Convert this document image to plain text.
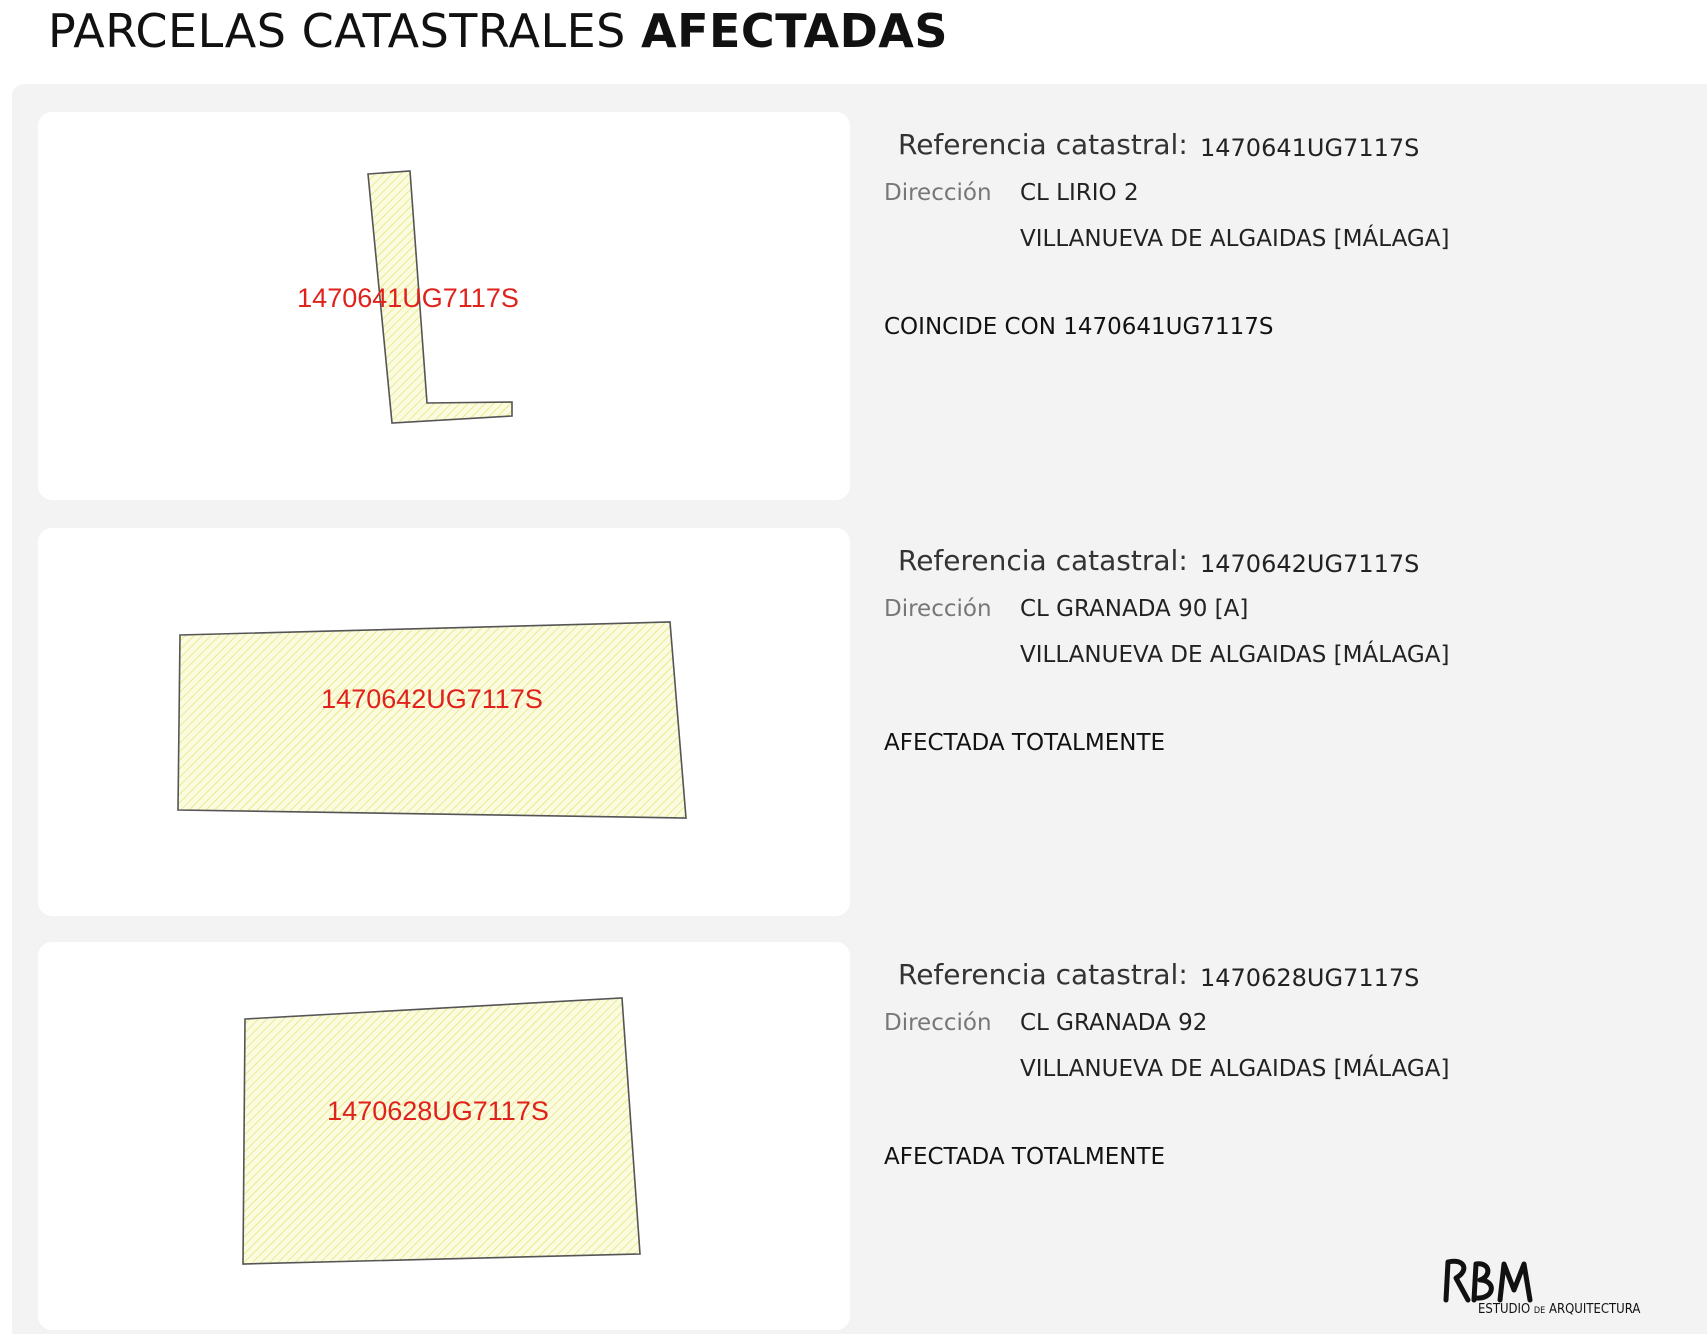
PARCELAS CATASTRALES AFECTADAS
1470641UG7117S
Referencia catastral: 1470641UG7117S
Dirección CL LIRIO 2
VILLANUEVA DE ALGAIDAS [MÁLAGA]
COINCIDE CON 1470641UG7117S
1470642UG7117S
Referencia catastral: 1470642UG7117S
Dirección CL GRANADA 90 [A]
VILLANUEVA DE ALGAIDAS [MÁLAGA]
AFECTADA TOTALMENTE
1470628UG7117S
Referencia catastral: 1470628UG7117S
Dirección CL GRANADA 92
VILLANUEVA DE ALGAIDAS [MÁLAGA]
AFECTADA TOTALMENTE
ESTUDIO DE ARQUITECTURA
